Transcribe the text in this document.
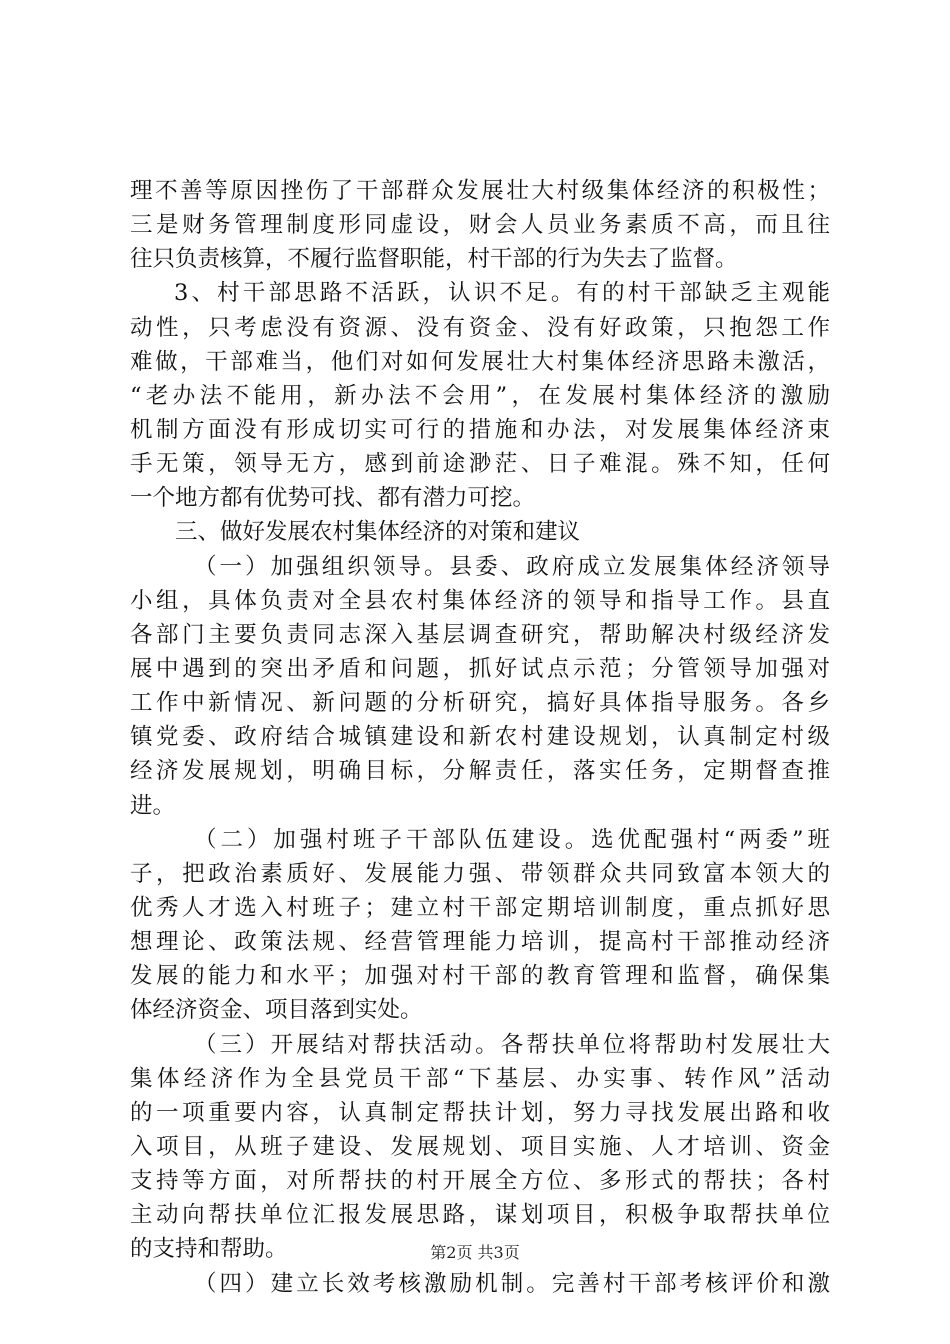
理不善等原因挫伤了干部群众发展壮大村级集体经济的积极性；
三是财务管理制度形同虚设，财会人员业务素质不高，而且往
往只负责核算，不履行监督职能，村干部的行为失去了监督。
3、村干部思路不活跃，认识不足。有的村干部缺乏主观能
动性，只考虑没有资源、没有资金、没有好政策，只抱怨工作
难做，干部难当，他们对如何发展壮大村集体经济思路未激活，
“老办法不能用，新办法不会用”，在发展村集体经济的激励
机制方面没有形成切实可行的措施和办法，对发展集体经济束
手无策，领导无方，感到前途渺茫、日子难混。殊不知，任何
一个地方都有优势可找、都有潜力可挖。
三、做好发展农村集体经济的对策和建议
（一）加强组织领导。县委、政府成立发展集体经济领导
小组，具体负责对全县农村集体经济的领导和指导工作。县直
各部门主要负责同志深入基层调查研究，帮助解决村级经济发
展中遇到的突出矛盾和问题，抓好试点示范；分管领导加强对
工作中新情况、新问题的分析研究，搞好具体指导服务。各乡
镇党委、政府结合城镇建设和新农村建设规划，认真制定村级
经济发展规划，明确目标，分解责任，落实任务，定期督查推
进。
（二）加强村班子干部队伍建设。选优配强村“两委”班
子，把政治素质好、发展能力强、带领群众共同致富本领大的
优秀人才选入村班子；建立村干部定期培训制度，重点抓好思
想理论、政策法规、经营管理能力培训，提高村干部推动经济
发展的能力和水平；加强对村干部的教育管理和监督，确保集
体经济资金、项目落到实处。
（三）开展结对帮扶活动。各帮扶单位将帮助村发展壮大
集体经济作为全县党员干部“下基层、办实事、转作风”活动
的一项重要内容，认真制定帮扶计划，努力寻找发展出路和收
入项目，从班子建设、发展规划、项目实施、人才培训、资金
支持等方面，对所帮扶的村开展全方位、多形式的帮扶；各村
主动向帮扶单位汇报发展思路，谋划项目，积极争取帮扶单位
的支持和帮助。
（四）建立长效考核激励机制。完善村干部考核评价和激
第2页 共3页
